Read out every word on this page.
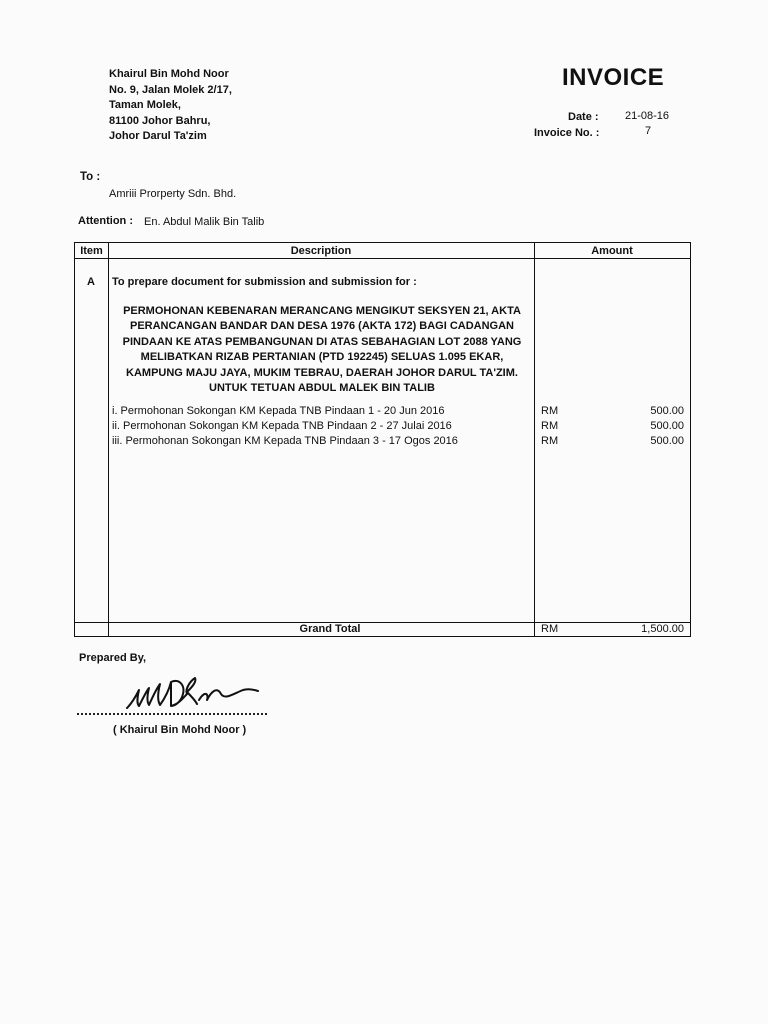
Khairul Bin Mohd Noor
No. 9, Jalan Molek 2/17,
Taman Molek,
81100 Johor Bahru,
Johor Darul Ta'zim
INVOICE
Date : 21-08-16
Invoice No. :	7
To :
Amriii Prorperty Sdn. Bhd.
Attention : En. Abdul Malik Bin Talib
Item	Description	Amount
A To prepare document for submission and submission for :
PERMOHONAN KEBENARAN MERANCANG MENGIKUT SEKSYEN 21, AKTA
PERANCANGAN BANDAR DAN DESA 1976 (AKTA 172) BAGI CADANGAN
PINDAAN KE ATAS PEMBANGUNAN DI ATAS SEBAHAGIAN LOT 2088 YANG
MELIBATKAN RIZAB PERTANIAN (PTD 192245) SELUAS 1.095 EKAR,
KAMPUNG MAJU JAYA, MUKIM TEBRAU, DAERAH JOHOR DARUL TA'ZIM.
UNTUK TETUAN ABDUL MALEK BIN TALIB
i. Permohonan Sokongan KM Kepada TNB Pindaan 1 - 20 Jun 2016	RM	500.00
ii. Permohonan Sokongan KM Kepada TNB Pindaan 2 - 27 Julai 2016	RM	500.00
iii. Permohonan Sokongan KM Kepada TNB Pindaan 3 - 17 Ogos 2016	RM	500.00
Grand Total	RM	1,500.00
Prepared By,
( Khairul Bin Mohd Noor )
